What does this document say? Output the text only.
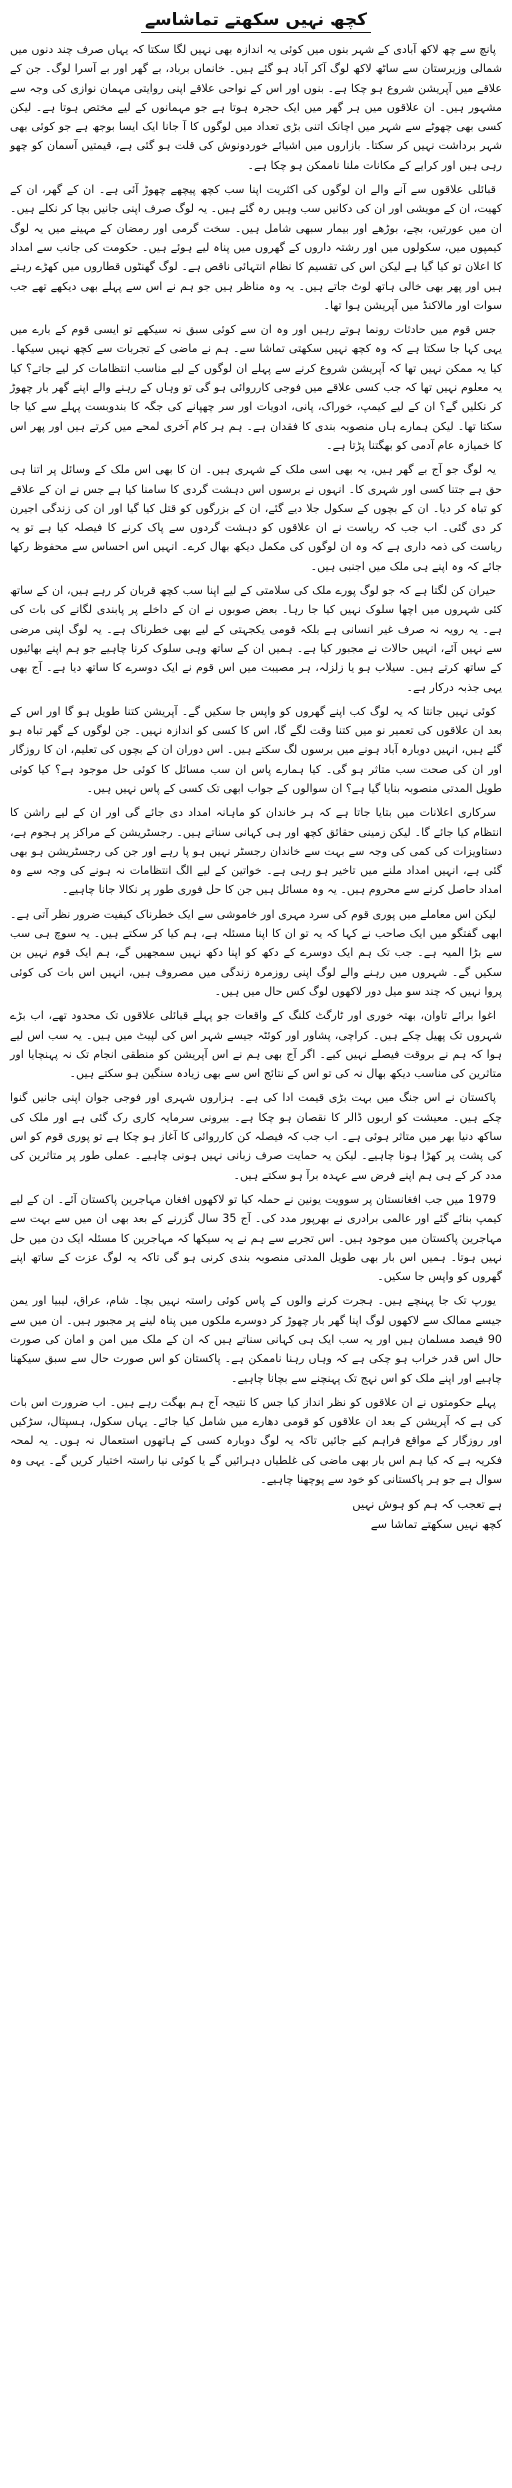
کچھ نہیں سکھتے تماشاسے

پانچ سے چھ لاکھ آبادی کے شہر بنوں میں کوئی یہ اندازہ بھی نہیں لگا سکتا کہ یہاں صرف چند دنوں میں شمالی وزیرستان سے ساٹھ لاکھ لوگ آکر آباد ہو گئے ہیں۔ خانماں برباد، بے گھر اور بے آسرا لوگ۔ جن کے علاقے میں آپریشن شروع ہو چکا ہے۔ بنوں اور اس کے نواحی علاقے اپنی روایتی مہمان نوازی کی وجہ سے مشہور ہیں۔ ان علاقوں میں ہر گھر میں ایک حجرہ ہوتا ہے جو مہمانوں کے لیے مختص ہوتا ہے۔ لیکن کسی بھی چھوٹے سے شہر میں اچانک اتنی بڑی تعداد میں لوگوں کا آ جانا ایک ایسا بوجھ ہے جو کوئی بھی شہر برداشت نہیں کر سکتا۔ بازاروں میں اشیائے خوردونوش کی قلت ہو گئی ہے، قیمتیں آسمان کو چھو رہی ہیں اور کرایے کے مکانات ملنا ناممکن ہو چکا ہے۔

قبائلی علاقوں سے آنے والے ان لوگوں کی اکثریت اپنا سب کچھ پیچھے چھوڑ آئی ہے۔ ان کے گھر، ان کے کھیت، ان کے مویشی اور ان کی دکانیں سب وہیں رہ گئے ہیں۔ یہ لوگ صرف اپنی جانیں بچا کر نکلے ہیں۔ ان میں عورتیں، بچے، بوڑھے اور بیمار سبھی شامل ہیں۔ سخت گرمی اور رمضان کے مہینے میں یہ لوگ کیمپوں میں، سکولوں میں اور رشتہ داروں کے گھروں میں پناہ لیے ہوئے ہیں۔ حکومت کی جانب سے امداد کا اعلان تو کیا گیا ہے لیکن اس کی تقسیم کا نظام انتہائی ناقص ہے۔ لوگ گھنٹوں قطاروں میں کھڑے رہتے ہیں اور پھر بھی خالی ہاتھ لوٹ جاتے ہیں۔ یہ وہ مناظر ہیں جو ہم نے اس سے پہلے بھی دیکھے تھے جب سوات اور مالاکنڈ میں آپریشن ہوا تھا۔

جس قوم میں حادثات رونما ہوتے رہیں اور وہ ان سے کوئی سبق نہ سیکھے تو ایسی قوم کے بارے میں یہی کہا جا سکتا ہے کہ وہ کچھ نہیں سکھتی تماشا سے۔ ہم نے ماضی کے تجربات سے کچھ نہیں سیکھا۔ کیا یہ ممکن نہیں تھا کہ آپریشن شروع کرنے سے پہلے ان لوگوں کے لیے مناسب انتظامات کر لیے جاتے؟ کیا یہ معلوم نہیں تھا کہ جب کسی علاقے میں فوجی کارروائی ہو گی تو وہاں کے رہنے والے اپنے گھر بار چھوڑ کر نکلیں گے؟ ان کے لیے کیمپ، خوراک، پانی، ادویات اور سر چھپانے کی جگہ کا بندوبست پہلے سے کیا جا سکتا تھا۔ لیکن ہمارے ہاں منصوبہ بندی کا فقدان ہے۔ ہم ہر کام آخری لمحے میں کرتے ہیں اور پھر اس کا خمیازہ عام آدمی کو بھگتنا پڑتا ہے۔

یہ لوگ جو آج بے گھر ہیں، یہ بھی اسی ملک کے شہری ہیں۔ ان کا بھی اس ملک کے وسائل پر اتنا ہی حق ہے جتنا کسی اور شہری کا۔ انہوں نے برسوں اس دہشت گردی کا سامنا کیا ہے جس نے ان کے علاقے کو تباہ کر دیا۔ ان کے بچوں کے سکول جلا دیے گئے، ان کے بزرگوں کو قتل کیا گیا اور ان کی زندگی اجیرن کر دی گئی۔ اب جب کہ ریاست نے ان علاقوں کو دہشت گردوں سے پاک کرنے کا فیصلہ کیا ہے تو یہ ریاست کی ذمہ داری ہے کہ وہ ان لوگوں کی مکمل دیکھ بھال کرے۔ انہیں اس احساس سے محفوظ رکھا جائے کہ وہ اپنے ہی ملک میں اجنبی ہیں۔

حیران کن لگتا ہے کہ جو لوگ پورے ملک کی سلامتی کے لیے اپنا سب کچھ قربان کر رہے ہیں، ان کے ساتھ کئی شہروں میں اچھا سلوک نہیں کیا جا رہا۔ بعض صوبوں نے ان کے داخلے پر پابندی لگانے کی بات کی ہے۔ یہ رویہ نہ صرف غیر انسانی ہے بلکہ قومی یکجہتی کے لیے بھی خطرناک ہے۔ یہ لوگ اپنی مرضی سے نہیں آئے، انہیں حالات نے مجبور کیا ہے۔ ہمیں ان کے ساتھ وہی سلوک کرنا چاہیے جو ہم اپنے بھائیوں کے ساتھ کرتے ہیں۔ سیلاب ہو یا زلزلہ، ہر مصیبت میں اس قوم نے ایک دوسرے کا ساتھ دیا ہے۔ آج بھی یہی جذبہ درکار ہے۔

کوئی نہیں جانتا کہ یہ لوگ کب اپنے گھروں کو واپس جا سکیں گے۔ آپریشن کتنا طویل ہو گا اور اس کے بعد ان علاقوں کی تعمیر نو میں کتنا وقت لگے گا، اس کا کسی کو اندازہ نہیں۔ جن لوگوں کے گھر تباہ ہو گئے ہیں، انہیں دوبارہ آباد ہونے میں برسوں لگ سکتے ہیں۔ اس دوران ان کے بچوں کی تعلیم، ان کا روزگار اور ان کی صحت سب متاثر ہو گی۔ کیا ہمارے پاس ان سب مسائل کا کوئی حل موجود ہے؟ کیا کوئی طویل المدتی منصوبہ بنایا گیا ہے؟ ان سوالوں کے جواب ابھی تک کسی کے پاس نہیں ہیں۔

سرکاری اعلانات میں بتایا جاتا ہے کہ ہر خاندان کو ماہانہ امداد دی جائے گی اور ان کے لیے راشن کا انتظام کیا جائے گا۔ لیکن زمینی حقائق کچھ اور ہی کہانی سناتے ہیں۔ رجسٹریشن کے مراکز پر ہجوم ہے، دستاویزات کی کمی کی وجہ سے بہت سے خاندان رجسٹر نہیں ہو پا رہے اور جن کی رجسٹریشن ہو بھی گئی ہے، انہیں امداد ملنے میں تاخیر ہو رہی ہے۔ خواتین کے لیے الگ انتظامات نہ ہونے کی وجہ سے وہ امداد حاصل کرنے سے محروم ہیں۔ یہ وہ مسائل ہیں جن کا حل فوری طور پر نکالا جانا چاہیے۔

لیکن اس معاملے میں پوری قوم کی سرد مہری اور خاموشی سے ایک خطرناک کیفیت ضرور نظر آتی ہے۔ ابھی گفتگو میں ایک صاحب نے کہا کہ یہ تو ان کا اپنا مسئلہ ہے، ہم کیا کر سکتے ہیں۔ یہ سوچ ہی سب سے بڑا المیہ ہے۔ جب تک ہم ایک دوسرے کے دکھ کو اپنا دکھ نہیں سمجھیں گے، ہم ایک قوم نہیں بن سکیں گے۔ شہروں میں رہنے والے لوگ اپنی روزمرہ زندگی میں مصروف ہیں، انہیں اس بات کی کوئی پروا نہیں کہ چند سو میل دور لاکھوں لوگ کس حال میں ہیں۔

اغوا برائے تاوان، بھتہ خوری اور ٹارگٹ کلنگ کے واقعات جو پہلے قبائلی علاقوں تک محدود تھے، اب بڑے شہروں تک پھیل چکے ہیں۔ کراچی، پشاور اور کوئٹہ جیسے شہر اس کی لپیٹ میں ہیں۔ یہ سب اس لیے ہوا کہ ہم نے بروقت فیصلے نہیں کیے۔ اگر آج بھی ہم نے اس آپریشن کو منطقی انجام تک نہ پہنچایا اور متاثرین کی مناسب دیکھ بھال نہ کی تو اس کے نتائج اس سے بھی زیادہ سنگین ہو سکتے ہیں۔

پاکستان نے اس جنگ میں بہت بڑی قیمت ادا کی ہے۔ ہزاروں شہری اور فوجی جوان اپنی جانیں گنوا چکے ہیں۔ معیشت کو اربوں ڈالر کا نقصان ہو چکا ہے۔ بیرونی سرمایہ کاری رک گئی ہے اور ملک کی ساکھ دنیا بھر میں متاثر ہوئی ہے۔ اب جب کہ فیصلہ کن کارروائی کا آغاز ہو چکا ہے تو پوری قوم کو اس کی پشت پر کھڑا ہونا چاہیے۔ لیکن یہ حمایت صرف زبانی نہیں ہونی چاہیے۔ عملی طور پر متاثرین کی مدد کر کے ہی ہم اپنے فرض سے عہدہ برآ ہو سکتے ہیں۔

1979 میں جب افغانستان پر سوویت یونین نے حملہ کیا تو لاکھوں افغان مہاجرین پاکستان آئے۔ ان کے لیے کیمپ بنائے گئے اور عالمی برادری نے بھرپور مدد کی۔ آج 35 سال گزرنے کے بعد بھی ان میں سے بہت سے مہاجرین پاکستان میں موجود ہیں۔ اس تجربے سے ہم نے یہ سیکھا کہ مہاجرین کا مسئلہ ایک دن میں حل نہیں ہوتا۔ ہمیں اس بار بھی طویل المدتی منصوبہ بندی کرنی ہو گی تاکہ یہ لوگ عزت کے ساتھ اپنے گھروں کو واپس جا سکیں۔

یورپ تک جا پہنچے ہیں۔ ہجرت کرنے والوں کے پاس کوئی راستہ نہیں بچا۔ شام، عراق، لیبیا اور یمن جیسے ممالک سے لاکھوں لوگ اپنا گھر بار چھوڑ کر دوسرے ملکوں میں پناہ لینے پر مجبور ہیں۔ ان میں سے 90 فیصد مسلمان ہیں اور یہ سب ایک ہی کہانی سناتے ہیں کہ ان کے ملک میں امن و امان کی صورت حال اس قدر خراب ہو چکی ہے کہ وہاں رہنا ناممکن ہے۔ پاکستان کو اس صورت حال سے سبق سیکھنا چاہیے اور اپنے ملک کو اس نہج تک پہنچنے سے بچانا چاہیے۔

پہلے حکومتوں نے ان علاقوں کو نظر انداز کیا جس کا نتیجہ آج ہم بھگت رہے ہیں۔ اب ضرورت اس بات کی ہے کہ آپریشن کے بعد ان علاقوں کو قومی دھارے میں شامل کیا جائے۔ یہاں سکول، ہسپتال، سڑکیں اور روزگار کے مواقع فراہم کیے جائیں تاکہ یہ لوگ دوبارہ کسی کے ہاتھوں استعمال نہ ہوں۔ یہ لمحہ فکریہ ہے کہ کیا ہم اس بار بھی ماضی کی غلطیاں دہرائیں گے یا کوئی نیا راستہ اختیار کریں گے۔ یہی وہ سوال ہے جو ہر پاکستانی کو خود سے پوچھنا چاہیے۔

ہے تعجب کہ ہم کو ہوش نہیں
کچھ نہیں سکھتے تماشا سے
